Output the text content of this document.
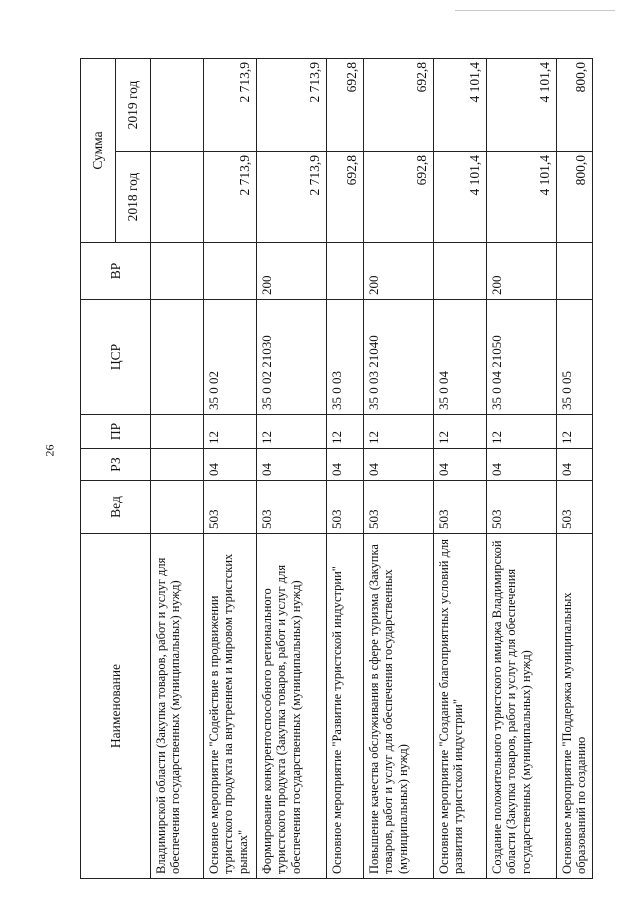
26
Наименование	Вед	РЗ	ПР	ЦСР	ВР	Сумма	
						2018 год	2019 год
Владимирской области (Закупка товаров, работ и услуг для обеспечения государственных (муниципальных) нужд)							
Основное мероприятие "Содействие в продвижении туристского продукта на внутреннем и мировом туристских рынках"	503	04	12	35 0 02		2 713,9	2 713,9
Формирование конкурентоспособного регионального туристского продукта (Закупка товаров, работ и услуг для обеспечения государственных (муниципальных) нужд)	503	04	12	35 0 02 21030	200	2 713,9	2 713,9
Основное мероприятие "Развитие туристской индустрии"	503	04	12	35 0 03		692,8	692,8
Повышение качества обслуживания в сфере туризма (Закупка товаров, работ и услуг для обеспечения государственных (муниципальных) нужд)	503	04	12	35 0 03 21040	200	692,8	692,8
Основное мероприятие "Создание благоприятных условий для развития туристской индустрии"	503	04	12	35 0 04		4 101,4	4 101,4
Создание положительного туристского имиджа Владимирской области (Закупка товаров, работ и услуг для обеспечения государственных (муниципальных) нужд)	503	04	12	35 0 04 21050	200	4 101,4	4 101,4
Основное мероприятие "Поддержка муниципальных образований по созданию	503	04	12	35 0 05		800,0	800,0
